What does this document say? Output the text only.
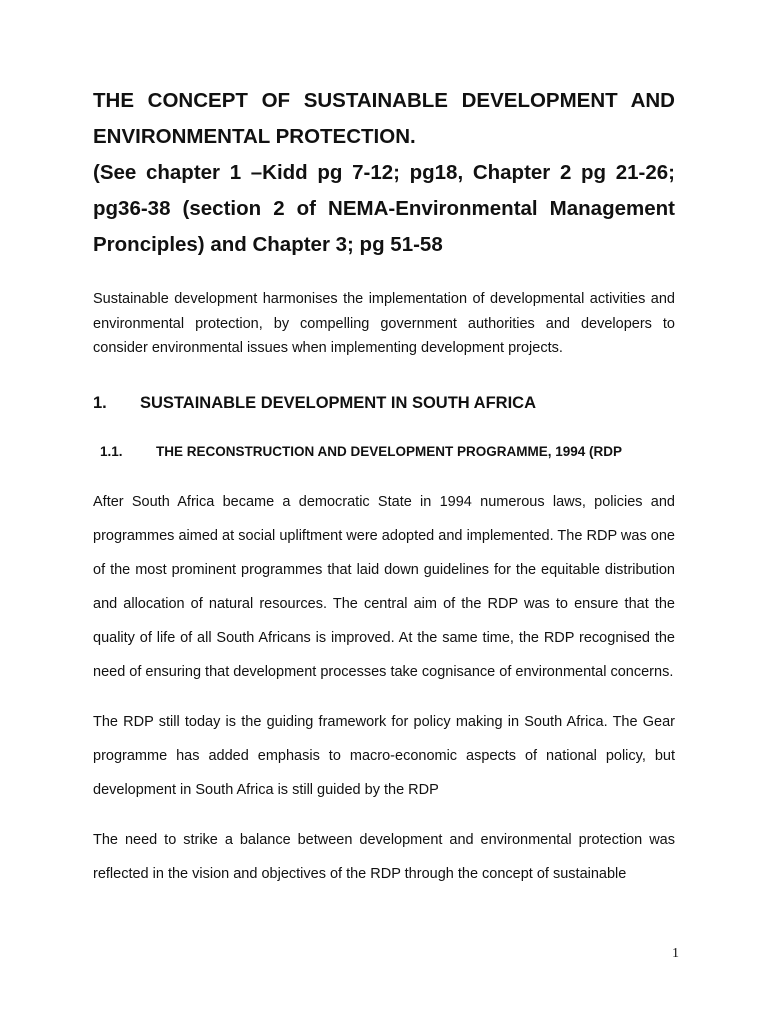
THE CONCEPT OF SUSTAINABLE DEVELOPMENT AND ENVIRONMENTAL PROTECTION.
(See chapter 1 –Kidd pg 7-12; pg18, Chapter 2 pg 21-26; pg36-38 (section 2 of NEMA-Environmental Management Pronciples) and Chapter 3; pg 51-58

Sustainable development harmonises the implementation of developmental activities and environmental protection, by compelling government authorities and developers to consider environmental issues when implementing development projects.

1.	SUSTAINABLE DEVELOPMENT IN SOUTH AFRICA
1.1.	THE RECONSTRUCTION AND DEVELOPMENT PROGRAMME, 1994 (RDP

After South Africa became a democratic State in 1994 numerous laws, policies and programmes aimed at social upliftment were adopted and implemented. The RDP was one of the most prominent programmes that laid down guidelines for the equitable distribution and allocation of natural resources. The central aim of the RDP was to ensure that the quality of life of all South Africans is improved. At the same time, the RDP recognised the need of ensuring that development processes take cognisance of environmental concerns.

The RDP still today is the guiding framework for policy making in South Africa. The Gear programme has added emphasis to macro-economic aspects of national policy, but development in South Africa is still guided by the RDP

The need to strike a balance between development and environmental protection was reflected in the vision and objectives of the RDP through the concept of sustainable

1
